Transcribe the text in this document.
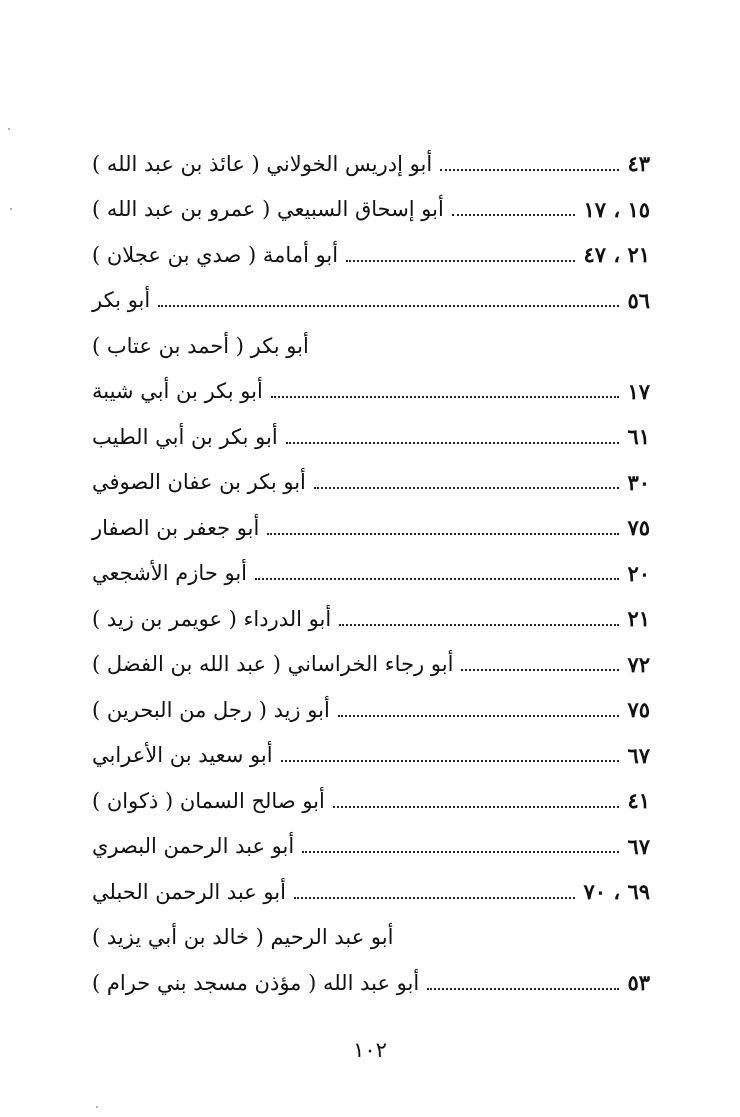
أبو إدريس الخولاني ( عائذ بن عبد الله )	٤٣
أبو إسحاق السبيعي ( عمرو بن عبد الله )	١٥ ، ١٧
أبو أمامة ( صدي بن عجلان )	٢١ ، ٤٧
أبو بكر	٥٦
أبو بكر ( أحمد بن عتاب )
أبو بكر بن أبي شيبة	١٧
أبو بكر بن أبي الطيب	٦١
أبو بكر بن عفان الصوفي	٣٠
أبو جعفر بن الصفار	٧٥
أبو حازم الأشجعي	٢٠
أبو الدرداء ( عويمر بن زيد )	٢١
أبو رجاء الخراساني ( عبد الله بن الفضل )	٧٢
أبو زيد ( رجل من البحرين )	٧٥
أبو سعيد بن الأعرابي	٦٧
أبو صالح السمان ( ذكوان )	٤١
أبو عبد الرحمن البصري	٦٧
أبو عبد الرحمن الحبلي	٦٩ ، ٧٠
أبو عبد الرحيم ( خالد بن أبي يزيد )
أبو عبد الله ( مؤذن مسجد بني حرام )	٥٣
١٠٢
